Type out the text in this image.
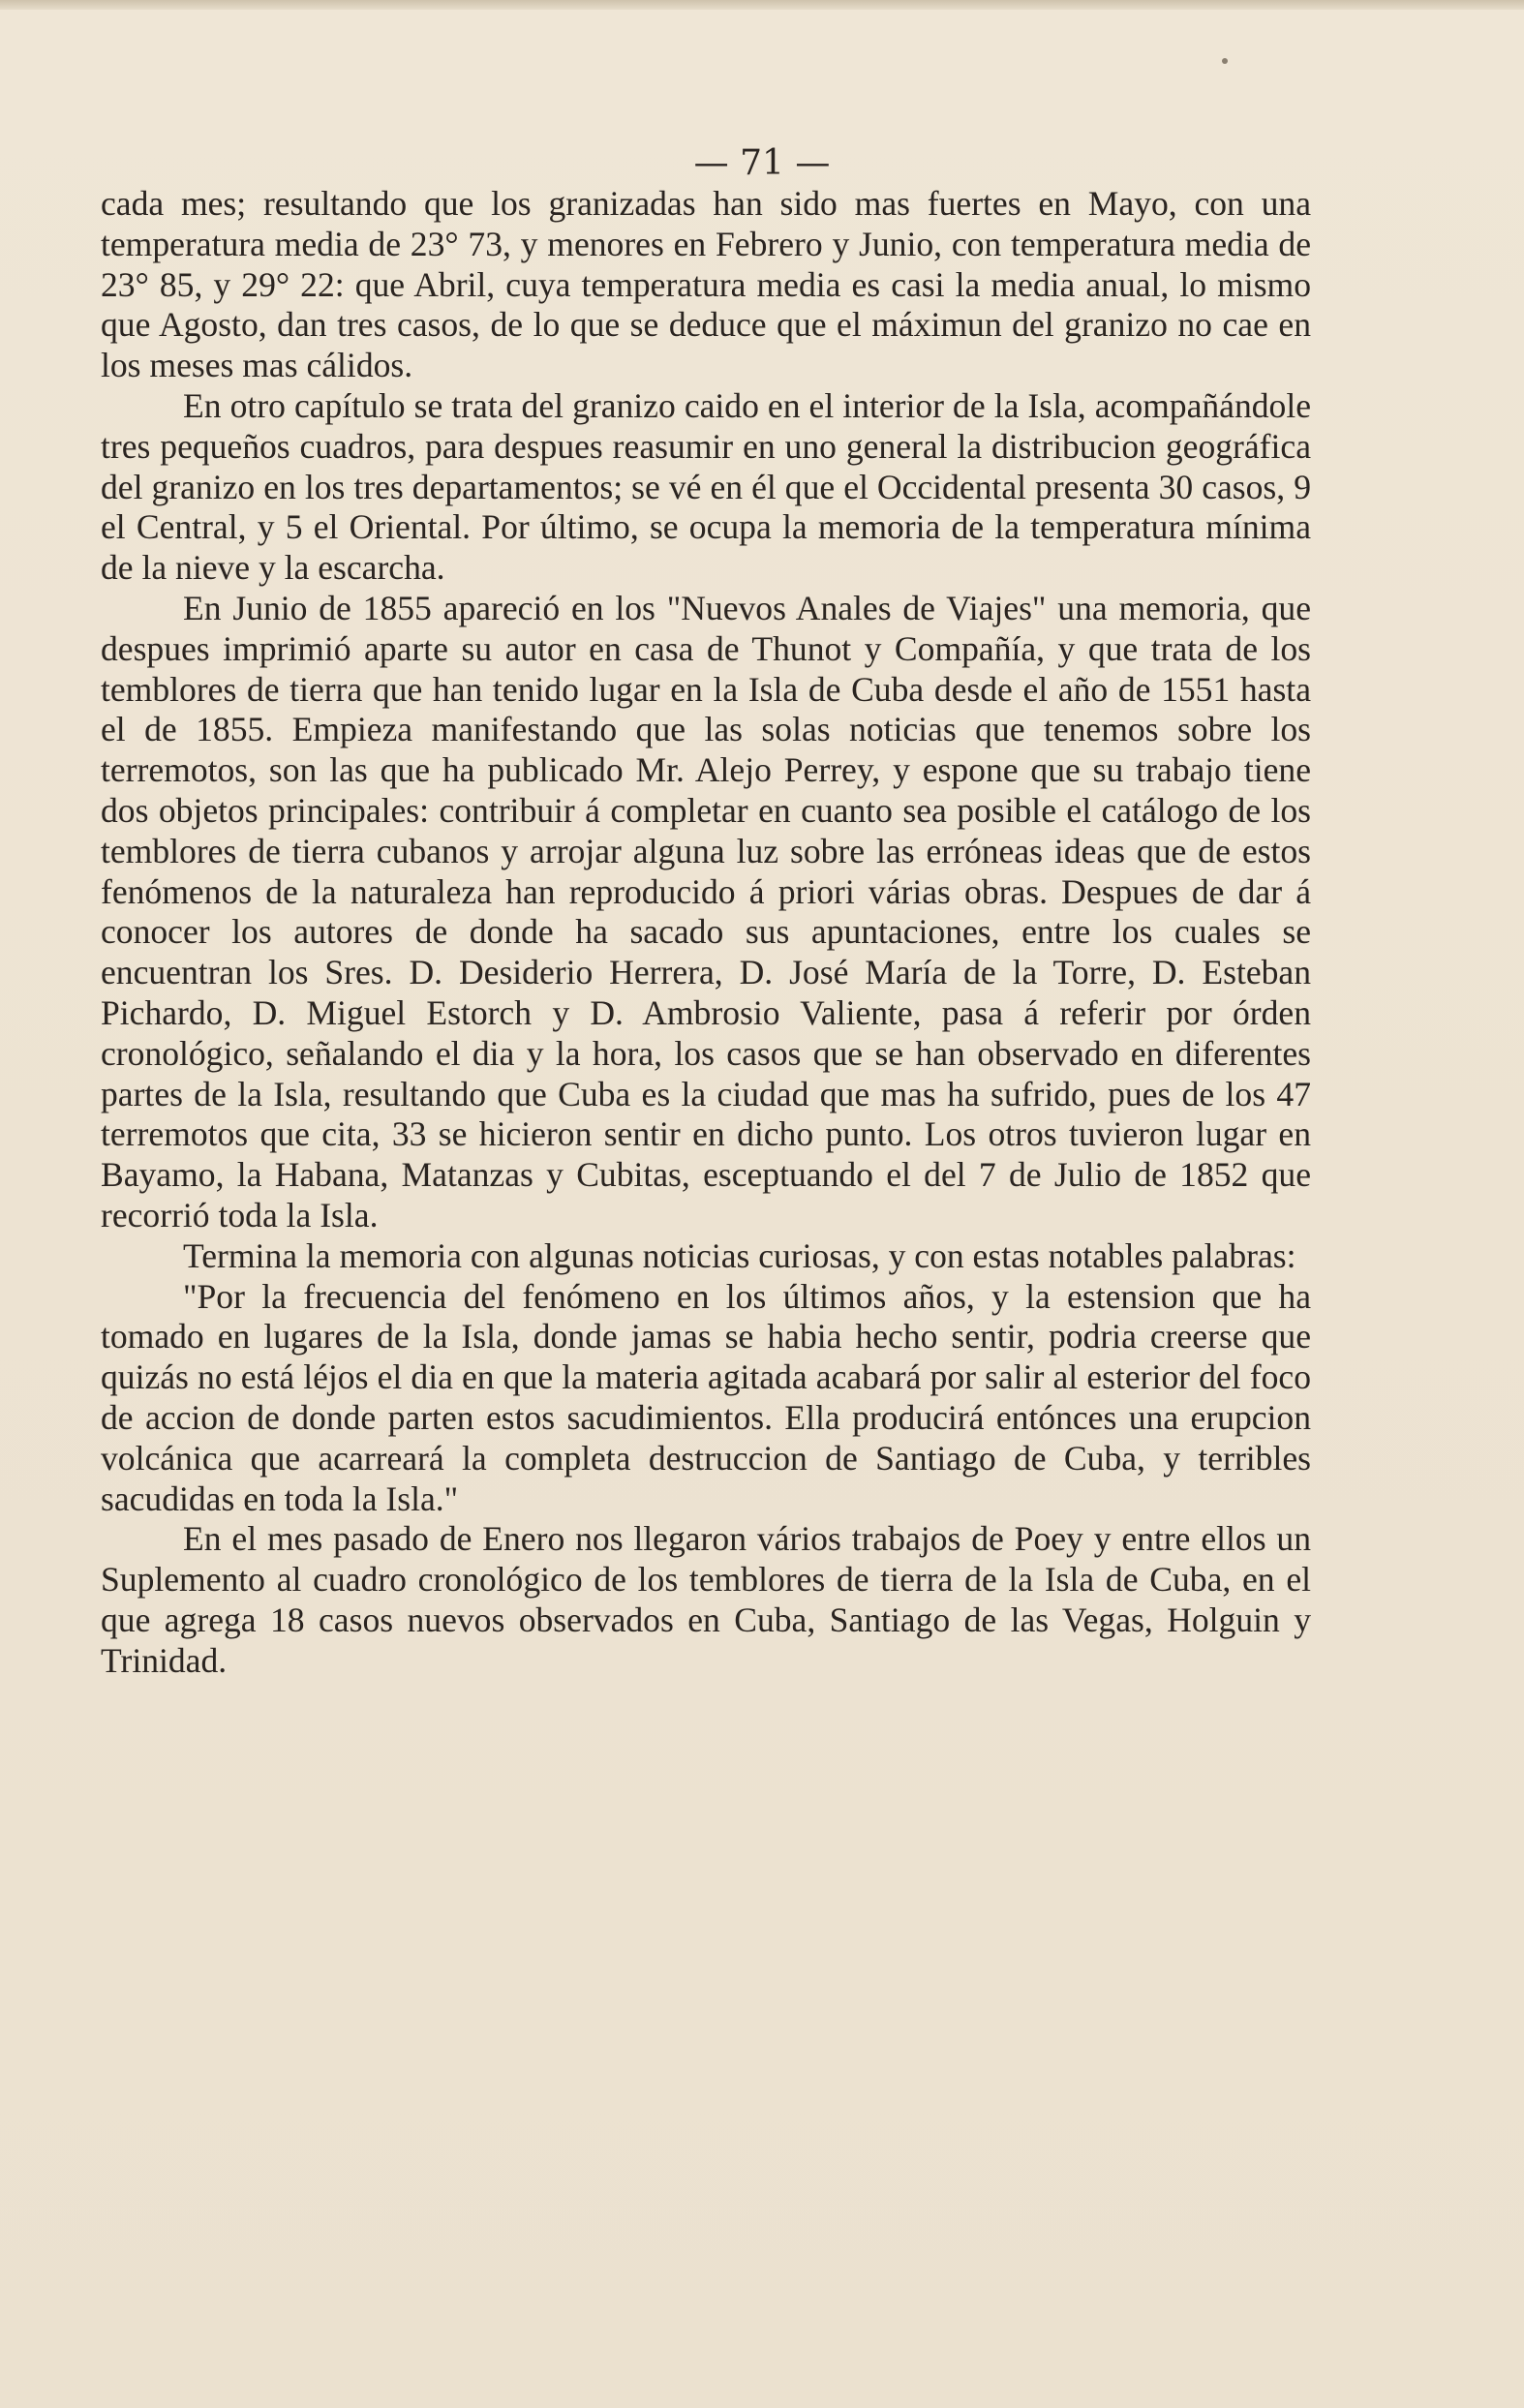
— 71 —

cada mes; resultando que los granizadas han sido mas fuertes en Mayo, con una temperatura media de 23° 73, y menores en Febrero y Junio, con temperatura media de 23° 85, y 29° 22: que Abril, cuya temperatura media es casi la media anual, lo mismo que Agosto, dan tres casos, de lo que se deduce que el máximun del granizo no cae en los meses mas cálidos.

En otro capítulo se trata del granizo caido en el interior de la Isla, acompañándole tres pequeños cuadros, para despues reasumir en uno general la distribucion geográfica del granizo en los tres departamentos; se vé en él que el Occidental presenta 30 casos, 9 el Central, y 5 el Oriental. Por último, se ocupa la memoria de la temperatura mínima de la nieve y la escarcha.

En Junio de 1855 apareció en los "Nuevos Anales de Viajes" una memoria, que despues imprimió aparte su autor en casa de Thunot y Compañía, y que trata de los temblores de tierra que han tenido lugar en la Isla de Cuba desde el año de 1551 hasta el de 1855. Empieza manifestando que las solas noticias que tenemos sobre los terremotos, son las que ha publicado Mr. Alejo Perrey, y espone que su trabajo tiene dos objetos principales: contribuir á completar en cuanto sea posible el catálogo de los temblores de tierra cubanos y arrojar alguna luz sobre las erróneas ideas que de estos fenómenos de la naturaleza han reproducido á priori várias obras. Despues de dar á conocer los autores de donde ha sacado sus apuntaciones, entre los cuales se encuentran los Sres. D. Desiderio Herrera, D. José María de la Torre, D. Esteban Pichardo, D. Miguel Estorch y D. Ambrosio Valiente, pasa á referir por órden cronológico, señalando el dia y la hora, los casos que se han observado en diferentes partes de la Isla, resultando que Cuba es la ciudad que mas ha sufrido, pues de los 47 terremotos que cita, 33 se hicieron sentir en dicho punto. Los otros tuvieron lugar en Bayamo, la Habana, Matanzas y Cubitas, esceptuando el del 7 de Julio de 1852 que recorrió toda la Isla.

Termina la memoria con algunas noticias curiosas, y con estas notables palabras:

"Por la frecuencia del fenómeno en los últimos años, y la estension que ha tomado en lugares de la Isla, donde jamas se habia hecho sentir, podria creerse que quizás no está léjos el dia en que la materia agitada acabará por salir al esterior del foco de accion de donde parten estos sacudimientos. Ella producirá entónces una erupcion volcánica que acarreará la completa destruccion de Santiago de Cuba, y terribles sacudidas en toda la Isla."

En el mes pasado de Enero nos llegaron vários trabajos de Poey y entre ellos un Suplemento al cuadro cronológico de los temblores de tierra de la Isla de Cuba, en el que agrega 18 casos nuevos observados en Cuba, Santiago de las Vegas, Holguin y Trinidad.
